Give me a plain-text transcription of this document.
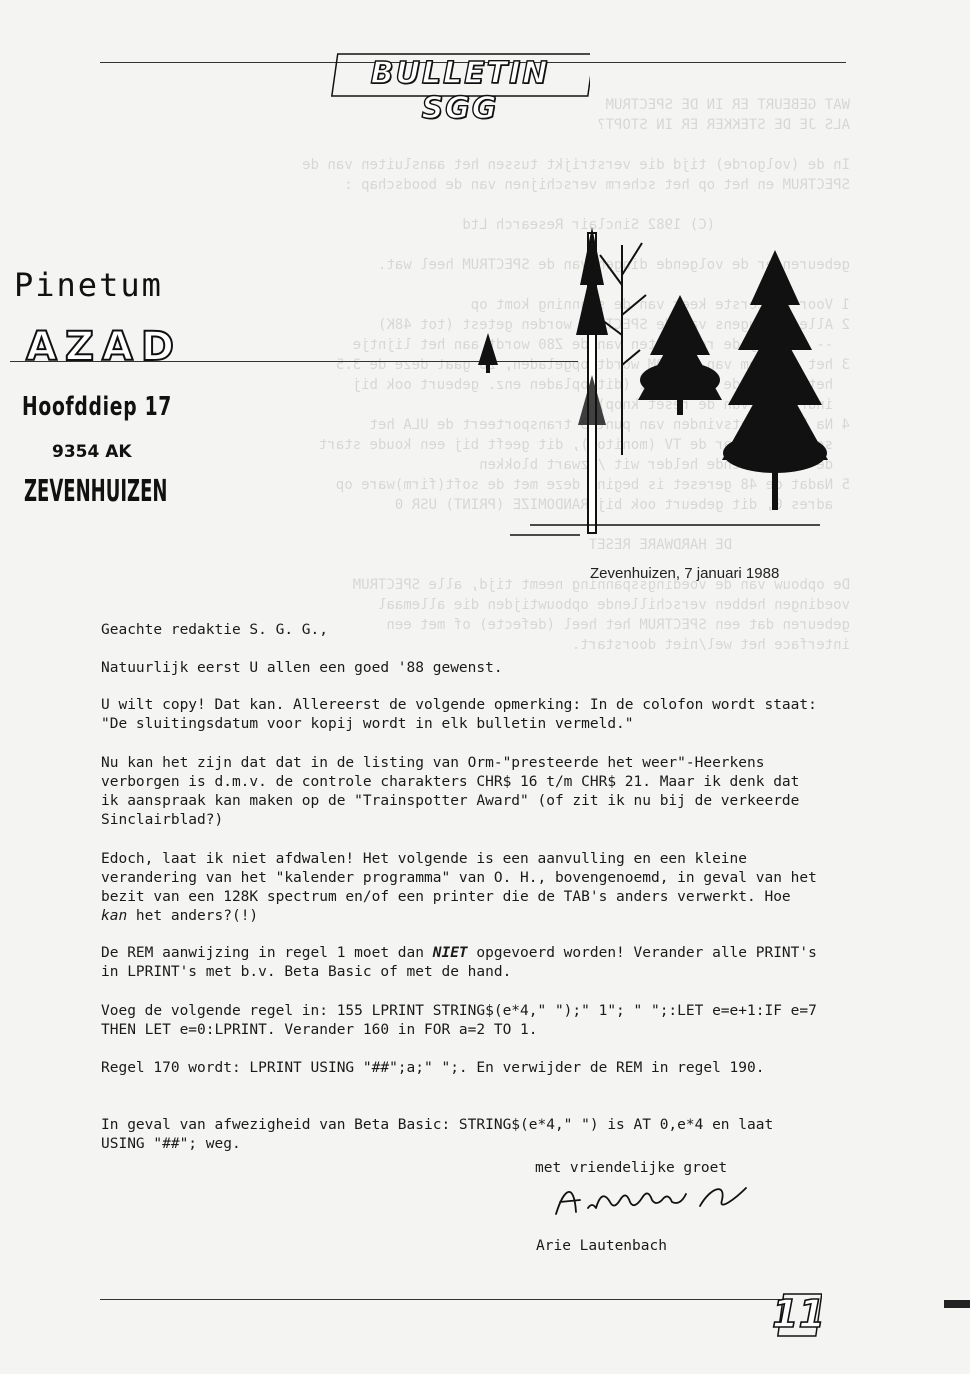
WAT GEBEURT ER IN DE SPECTRUM
ALS JE DE STEKKER ER IN STOPT?

In de (volgorde) tijd die verstrijkt tussen het aansluiten van de
SPECTRUM en het op het scherm verschijnen van de boodschap :

(C) 1982 Sinclair Research Ltd

gebeuren er de volgende dingen van de SPECTRUM heel wat.

1 Voor  eerste keer van de spanning komt op
2 Alle   de SPECTRUM worden getest (tot 48K)
--  de  van de Z80 wordt aan het lijntje
3 het  van   wordt opgeladen,  gaat deze de 3.5
het  de   (dit opladen enz. gebeurt ook bij
de reset knop)
4 Na  plaatsvinden van punt  transporteert de ULA het
de TV (monitor), dit geeft bij een koude start
de  helder wit / zwart blokken
5 Nadat  48 gereset is begint deze met de soft(firm)ware op
adres  dit gebeurt ook bij RANDOMIZE (PRINT) USR 0

DE HARDWARE RESET

De opbouw van de voedingsspanning neemt tijd, alle SPECTRUM
voedingen hebben verschillende opbouwtijden die allemaal
gebeuren dat een SPECTRUM het heel (defecte) of met een
interface het wel/niet doorstart.
BULLETIN SGG
Pinetum
AZAD
Hoofddiep 17
9354 AK
ZEVENHUIZEN
Zevenhuizen, 7 januari 1988
Geachte redaktie S. G. G.,
Natuurlijk eerst U allen een goed '88 gewenst.
U wilt copy! Dat kan. Allereerst de volgende opmerking: In de colofon wordt staat: "De sluitingsdatum voor kopij wordt in elk bulletin vermeld."
Nu kan het zijn dat dat in de listing van Orm-"presteerde het weer"-Heerkens verborgen is d.m.v. de controle charakters CHR$ 16 t/m CHR$ 21. Maar ik denk dat ik aanspraak kan maken op de "Trainspotter Award" (of zit ik nu bij de verkeerde Sinclairblad?)
Edoch, laat ik niet afdwalen! Het volgende is een aanvulling en een kleine verandering van het "kalender programma" van O. H., bovengenoemd, in geval van het bezit van een 128K spectrum en/of een printer die de TAB's anders verwerkt. Hoe kan het anders?(!)
De REM aanwijzing in regel 1 moet dan NIET opgevoerd worden! Verander alle PRINT's in LPRINT's met b.v. Beta Basic of met de hand.
Voeg de volgende regel in: 155 LPRINT STRING$(e*4," ");" 1"; " ";:LET e=e+1:IF e=7 THEN LET e=0:LPRINT. Verander 160 in FOR a=2 TO 1.
Regel 170 wordt: LPRINT USING "##";a;" ";. En verwijder de REM in regel 190.
In geval van afwezigheid van Beta Basic: STRING$(e*4," ") is AT 0,e*4 en laat USING "##"; weg.
met vriendelijke groet
Arie Lautenbach
11
